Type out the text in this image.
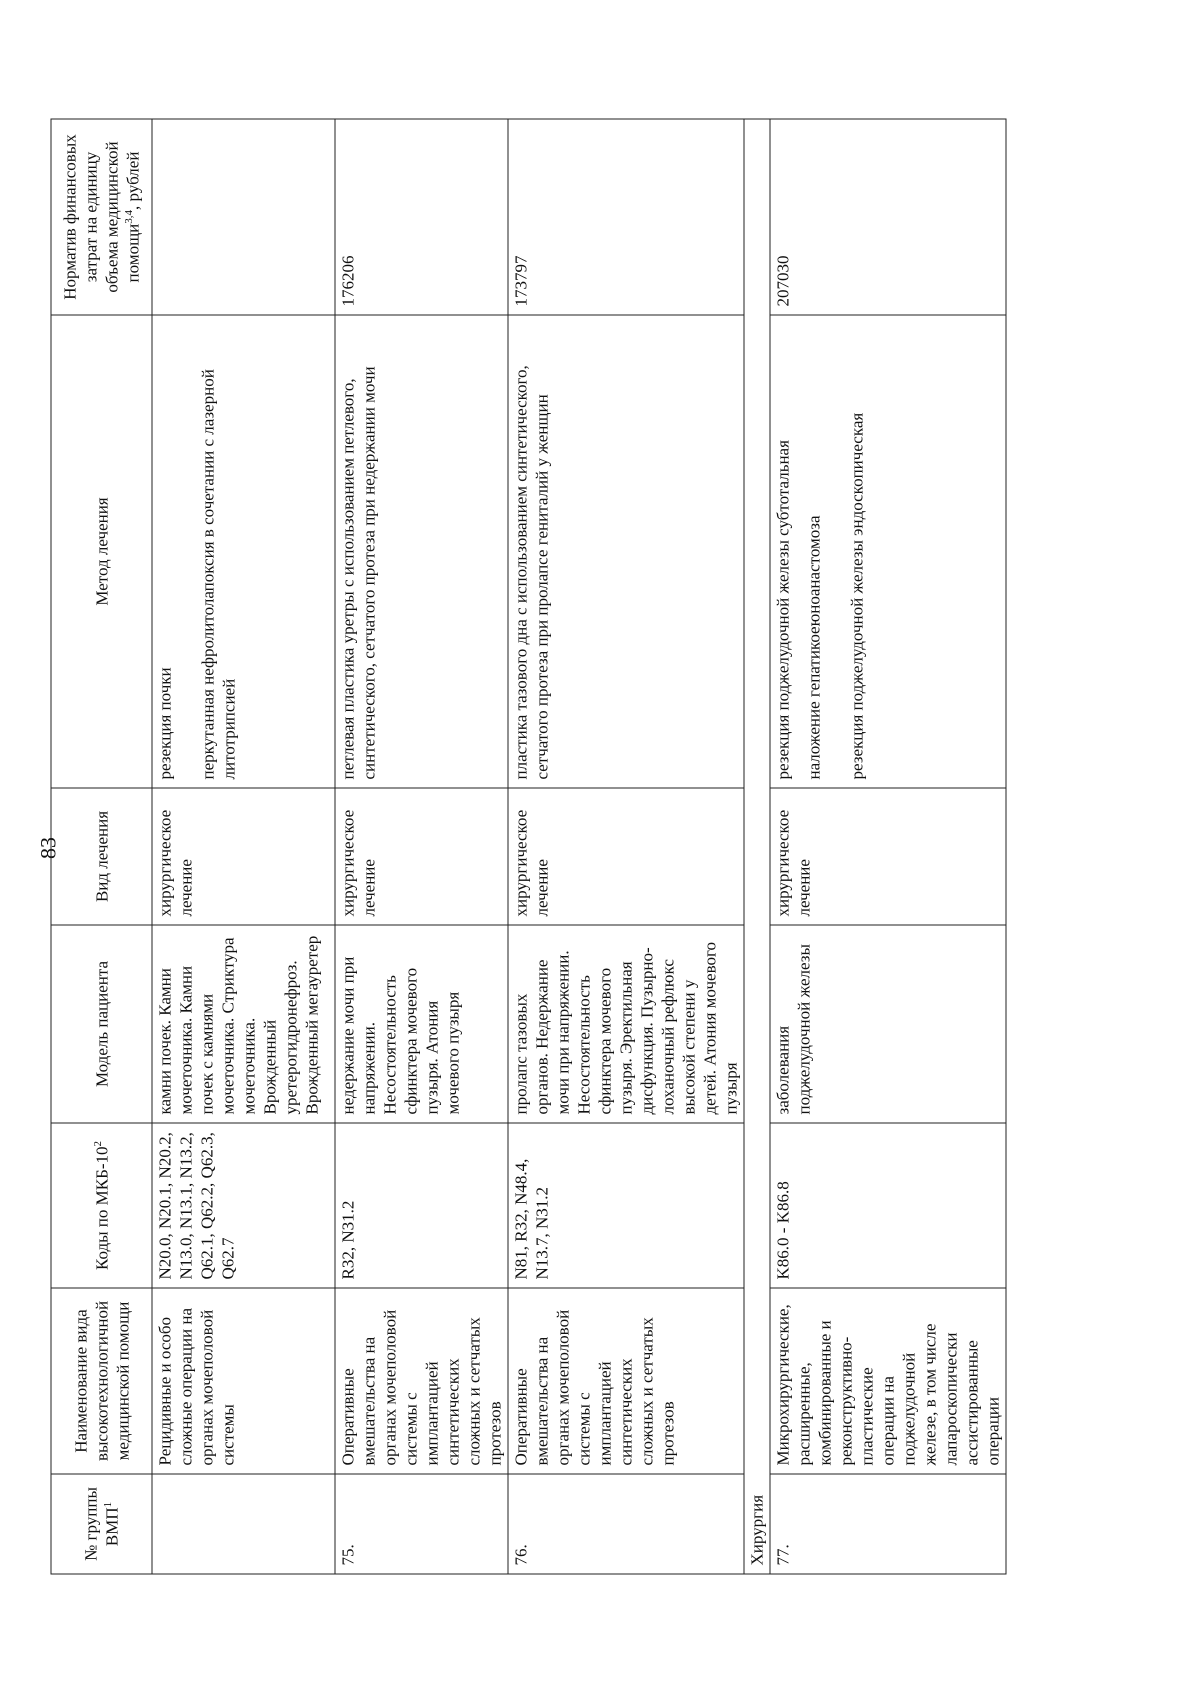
83
№ группы ВМП$^1$	Наименование вида высокотехнологичной медицинской помощи	Коды по МКБ-$10^2$	Модель пациента	Вид лечения	Метод лечения	Норматив финансовых затрат на единицу объема медицинской помощи$^{3,4}$, рублей
	Рецидивные и особо сложные операции на органах мочеполовой системы	N20.0, N20.1, N20.2, N13.0, N13.1, N13.2, Q62.1, Q62.2, Q62.3, Q62.7	камни почек. Камни мочеточника. Камни почек с камнями мочеточника. Стриктура мочеточника. Врожденный уретерогидронефроз. Врожденный мегауретер	хирургическое лечение	резекция почки перкутанная нефролитолапоксия в сочетании с лазерной литотрипсией	

75.	Оперативные вмешательства на органах мочеполовой системы с имплантацией синтетических сложных и сетчатых протезов	R32, N31.2	недержание мочи при напряжении. Несостоятельность сфинктера мочевого пузыря. Атония мочевого пузыря	хирургическое лечение	петлевая пластика уретры с использованием петлевого, синтетического, сетчатого протеза при недержании мочи	176206
76.	Оперативные вмешательства на органах мочеполовой системы с имплантацией синтетических сложных и сетчатых протезов	N81, R32, N48.4, N13.7, N31.2	пролапс тазовых органов. Недержание мочи при напряжении. Несостоятельность сфинктера мочевого пузыря. Эректильная дисфункция. Пузырно-лоханочный рефлюкс высокой степени у детей. Атония мочевого пузыря	хирургическое лечение	пластика тазового дна с использованием синтетического, сетчатого протеза при пролапсе гениталий у женщин	173797
Хирургия						
77.	Микрохирургические, расширенные, комбинированные и реконструктивно-пластические операции на поджелудочной железе, в том числе лапароскопически ассистированные операции	K86.0 - K86.8	заболевания поджелудочной железы	хирургическое лечение	резекция поджелудочной железы субтотальная наложение гепатикоеюноанастомоза резекция поджелудочной железы эндоскопическая	207030
